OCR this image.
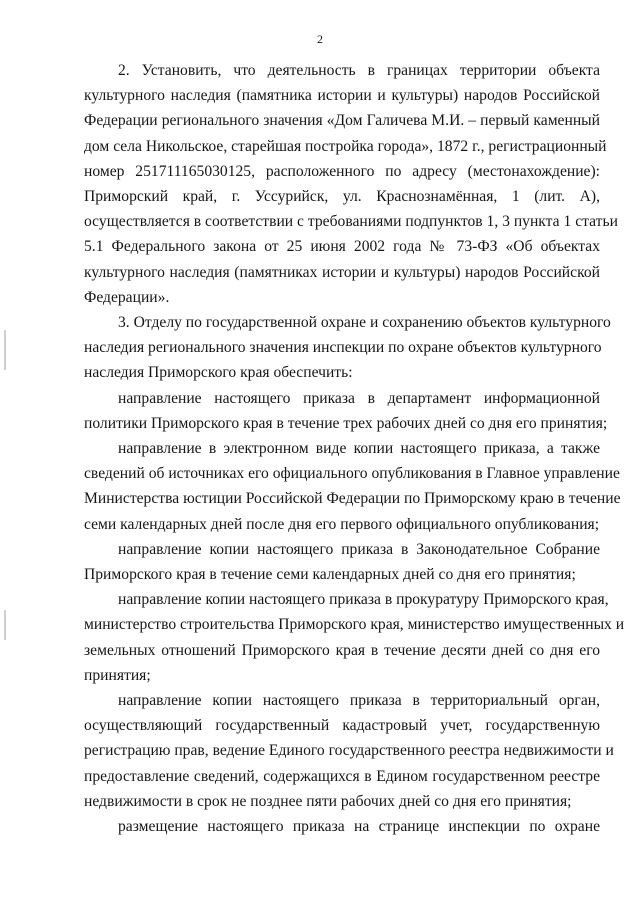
2

2. Установить, что деятельность в границах территории объекта
культурного наследия (памятника истории и культуры) народов Российской
Федерации регионального значения «Дом Галичева М.И. – первый каменный
дом села Никольское, старейшая постройка города», 1872 г., регистрационный
номер 251711165030125, расположенного по адресу (местонахождение):
Приморский край, г. Уссурийск, ул. Краснознамённая, 1 (лит. А),
осуществляется в соответствии с требованиями подпунктов 1, 3 пункта 1 статьи
5.1 Федерального закона от 25 июня 2002 года № 73-ФЗ «Об объектах
культурного наследия (памятниках истории и культуры) народов Российской
Федерации».

3. Отделу по государственной охране и сохранению объектов культурного
наследия регионального значения инспекции по охране объектов культурного
наследия Приморского края обеспечить:

направление настоящего приказа в департамент информационной
политики Приморского края в течение трех рабочих дней со дня его принятия;

направление в электронном виде копии настоящего приказа, а также
сведений об источниках его официального опубликования в Главное управление
Министерства юстиции Российской Федерации по Приморскому краю в течение
семи календарных дней после дня его первого официального опубликования;

направление копии настоящего приказа в Законодательное Собрание
Приморского края в течение семи календарных дней со дня его принятия;

направление копии настоящего приказа в прокуратуру Приморского края,
министерство строительства Приморского края, министерство имущественных и
земельных отношений Приморского края в течение десяти дней со дня его
принятия;

направление копии настоящего приказа в территориальный орган,
осуществляющий государственный кадастровый учет, государственную
регистрацию прав, ведение Единого государственного реестра недвижимости и
предоставление сведений, содержащихся в Едином государственном реестре
недвижимости в срок не позднее пяти рабочих дней со дня его принятия;

размещение настоящего приказа на странице инспекции по охране
